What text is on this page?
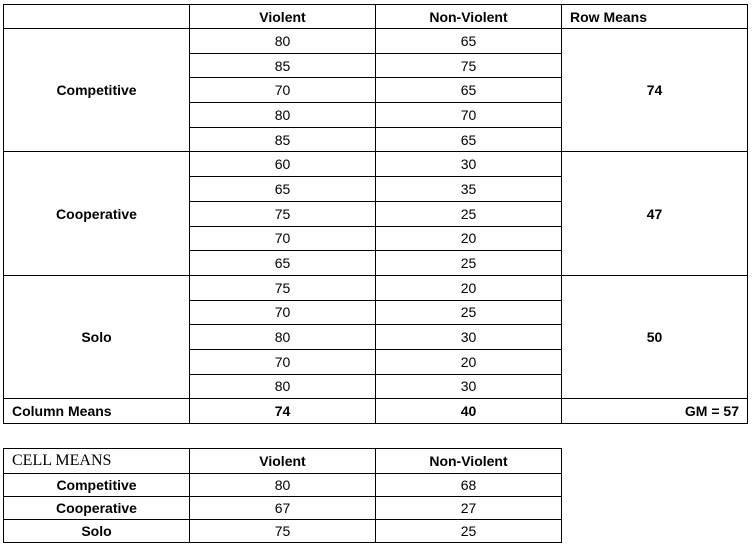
	Violent	Non-Violent	Row Means
Competitive	80	65	74
	85	75	
	70	65	
	80	70	
	85	65	
Cooperative	60	30	47
	65	35	
	75	25	
	70	20	
	65	25	
Solo	75	20	50
	70	25	
	80	30	
	70	20	
	80	30	
Column Means	74	40	GM = 57
CELL MEANS	Violent	Non-Violent
Competitive	80	68
Cooperative	67	27
Solo	75	25
